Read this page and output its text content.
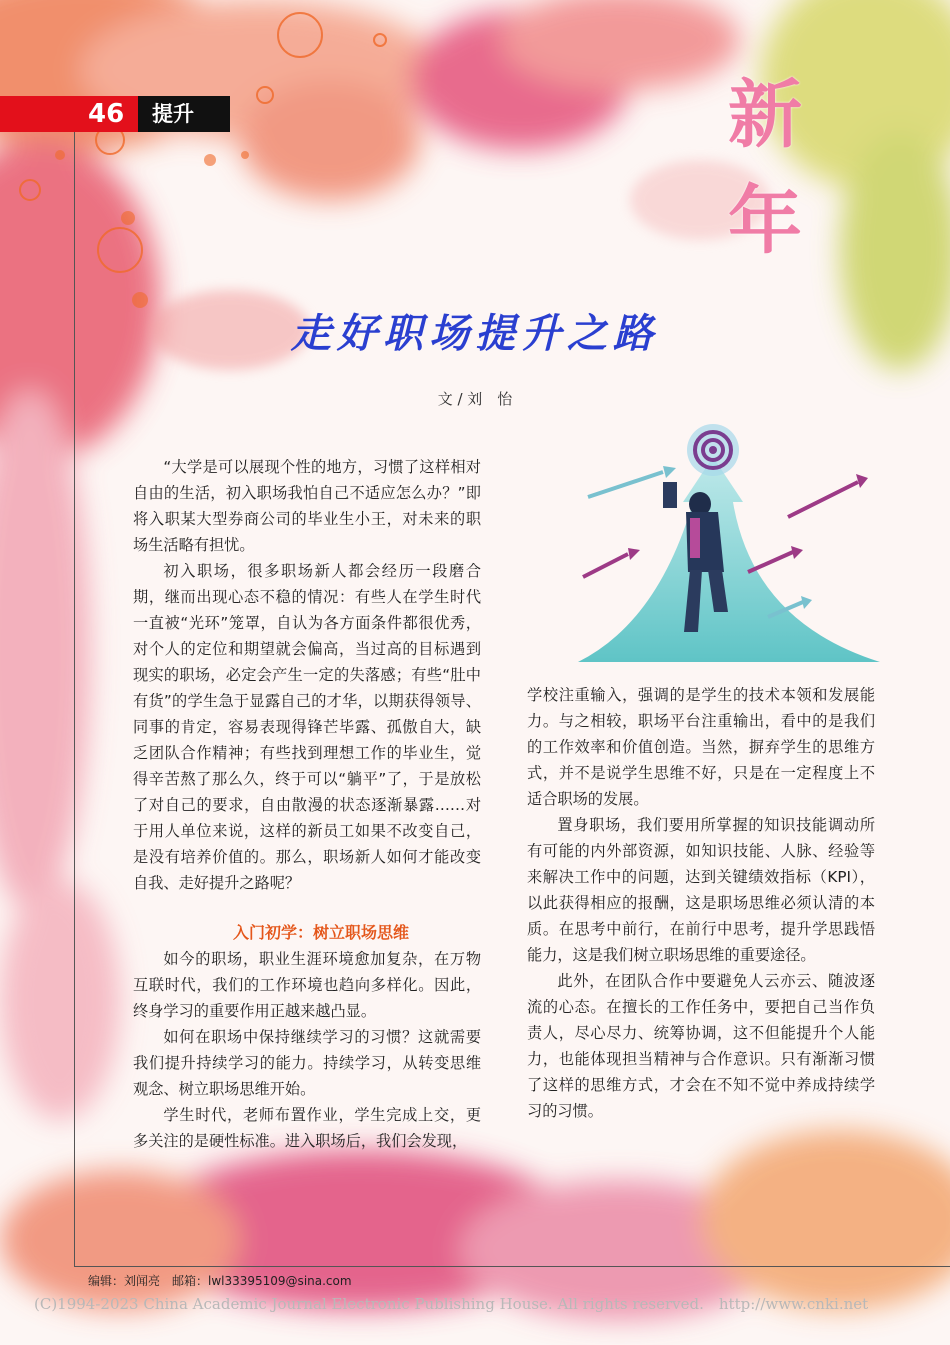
46 提升	新 年
走好职场提升之路
文 / 刘　怡

“大学是可以展现个性的地方，习惯了这样相对自由的生活，初入职场我怕自己不适应怎么办？”即将入职某大型券商公司的毕业生小王，对未来的职场生活略有担忧。

初入职场，很多职场新人都会经历一段磨合期，继而出现心态不稳的情况：有些人在学生时代一直被“光环”笼罩，自认为各方面条件都很优秀，对个人的定位和期望就会偏高，当过高的目标遇到现实的职场，必定会产生一定的失落感；有些“肚中有货”的学生急于显露自己的才华，以期获得领导、同事的肯定，容易表现得锋芒毕露、孤傲自大，缺乏团队合作精神；有些找到理想工作的毕业生，觉得辛苦熬了那么久，终于可以“躺平”了，于是放松了对自己的要求，自由散漫的状态逐渐暴露……对于用人单位来说，这样的新员工如果不改变自己，是没有培养价值的。那么，职场新人如何才能改变自我、走好提升之路呢？

入门初学：树立职场思维

如今的职场，职业生涯环境愈加复杂，在万物互联时代，我们的工作环境也趋向多样化。因此，终身学习的重要作用正越来越凸显。

如何在职场中保持继续学习的习惯？这就需要我们提升持续学习的能力。持续学习，从转变思维观念、树立职场思维开始。

学生时代，老师布置作业，学生完成上交，更多关注的是硬性标准。进入职场后，我们会发现，

学校注重输入，强调的是学生的技术本领和发展能力。与之相较，职场平台注重输出，看中的是我们的工作效率和价值创造。当然，摒弃学生的思维方式，并不是说学生思维不好，只是在一定程度上不适合职场的发展。

置身职场，我们要用所掌握的知识技能调动所有可能的内外部资源，如知识技能、人脉、经验等来解决工作中的问题，达到关键绩效指标（KPI），以此获得相应的报酬，这是职场思维必须认清的本质。在思考中前行，在前行中思考，提升学思践悟能力，这是我们树立职场思维的重要途径。

此外，在团队合作中要避免人云亦云、随波逐流的心态。在擅长的工作任务中，要把自己当作负责人，尽心尽力、统筹协调，这不但能提升个人能力，也能体现担当精神与合作意识。只有渐渐习惯了这样的思维方式，才会在不知不觉中养成持续学习的习惯。

编辑：刘闻亮　邮箱：lwl33395109@sina.com
(C)1994-2023 China Academic Journal Electronic Publishing House. All rights reserved.　http://www.cnki.net
